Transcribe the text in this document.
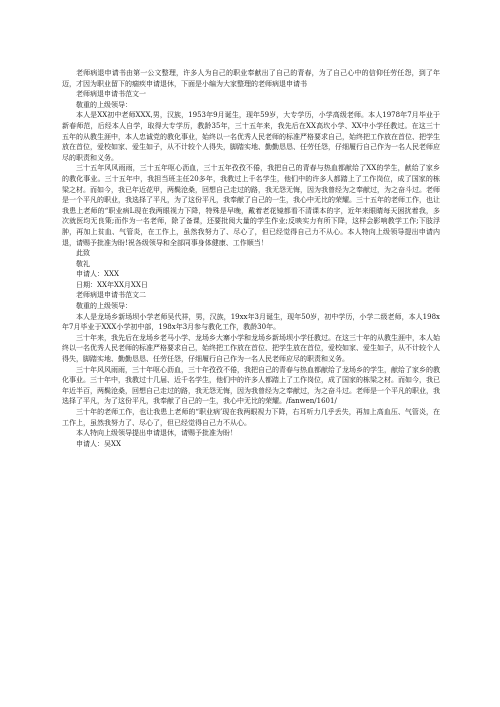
老师病退申请书由第一公文整理，许多人为自己的职业奉献出了自己的青春，为了自己心中的信仰任劳任怨，到了年迈，才因为职业留下的痼疾申请退休，下面是小编为大家整理的老师病退申请书

老师病退申请书范文一

敬重的上级领导：

本人是XX初中老师XXX,男，汉族，1953年9月诞生，现年59岁，大专学历，小学高级老师。本人1978年7月毕业于新春师范，后经本人自学，取得大专学历，教龄35年，三十五年来，我先后在XX高坎小学、XX中小学任教过。在这三十五年的从教生涯中，本人忠诚党的教化事业，始终以一名优秀人民老师的标准严格要求自己，始终把工作放在首位、把学生放在首位，爱校如家、爱生如子，从不计较个人得失，脚踏实地、勤勤恳恳、任劳任怨，仔细履行自己作为一名人民老师应尽的职责和义务。

三十五年风风雨雨，三十五年呕心沥血，三十五年孜孜不倦，我把自己的青春与热血都献给了XX的学生，献给了家乡的教化事业。三十五年中，我担当班主任20多年，我教过上千名学生，他们中的许多人都踏上了工作岗位，成了国家的栋梁之材。而如今，我已年近花甲，两鬓沧桑，回想自己走过的路，我无怨无悔，因为我曾经为之奉献过，为之奋斗过。老师是一个平凡的职业，我选择了平凡，为了这份平凡，我奉献了自己的一生，我心中无比的荣耀。三十五年的老师工作，也让我患上老师的“职业病L现在我两眼视力下降，特殊是早晚，戴着老花镜都看不清课本的字，近年来眼睛每天困扰着我，多次就医均无良策;而作为一名老师，除了备课，还要批阅大量的学生作业;反映实力有所下降，这样会影响教学工作;下肢浮肿，再加上贫血、气管炎，在工作上，虽然我努力了、尽心了，但已经觉得自己力不从心。本人特向上级领导提出申请内退，请赐予批准为盼!祝各级领导和全部同事身体健康、工作顺当！

此致

敬礼

申请人：XXX

日期：XX年XX月XX日

老师病退申请书范文二

敬重的上级领导：

本人是龙场乡新场坝小学老师吴代祥，男，汉族，19xx年3月诞生，现年50岁，初中学历，小学二级老师，本人198x年7月毕业于XXX小学初中部，198x年3月参与教化工作，教龄30年。

三十年来，我先后在龙场乡老马小学、龙场乡大寨小学和龙场乡新场坝小学任教过。在这三十年的从教生涯中，本人始终以一名优秀人民老师的标准严格要求自己，始终把工作放在首位、把学生放在首位，爱校如家、爱生如子，从不计较个人得失，脚踏实地、勤勤恳恳、任劳任怨，仔细履行自己作为一名人民老师应尽的职责和义务。

三十年风风雨雨，三十年呕心沥血，三十年孜孜不倦，我把自己的青春与热血都献给了龙场乡的学生，献给了家乡的教化事业。三十年中，我教过十几届、近千名学生，他们中的许多人都踏上了工作岗位，成了国家的栋梁之材。而如今，我已年近半百，两鬓沧桑，回想自己走过的路，我无怨无悔，因为我曾经为之奉献过，为之奋斗过。老师是一个平凡的职业，我选择了平凡，为了这份平凡，我奉献了自己的一生，我心中无比的荣耀。/fanwen/1601/

三十年的老师工作，也让我患上老师的“职业病’现在我两眼视力下降，右耳听力几乎丢失，再加上高血压、气管炎，在工作上，虽然我努力了、尽心了，但已经觉得自己力不从心。

本人特向上级领导提出申请退休，请赐予批准为盼！

申请人：吴XX
